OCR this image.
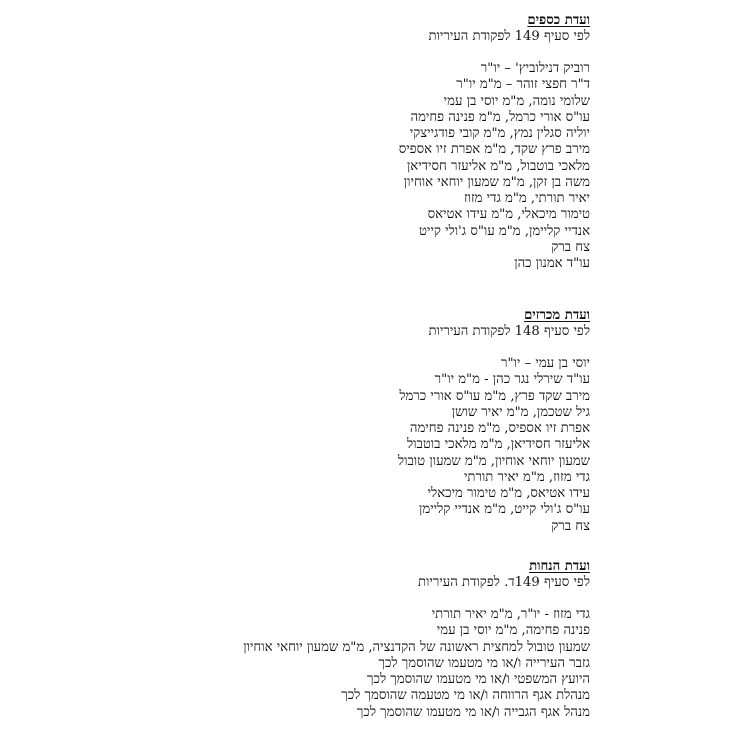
ועדת כספים

לפי סעיף 149 לפקודת העיריות

רוביק דנילוביץ' – יו"ר

ד"ר חפצי זוהר – מ"מ יו"ר

שלומי נומה, מ"מ יוסי בן עמי

עו"ס אורי כרמל, מ"מ פנינה פחימה

יוליה סגלין נמץ, מ"מ קובי פודגייצקי

מירב פרץ שקד, מ"מ אפרת זיו אספיס

מלאכי בוטבול, מ"מ אליעזר חסידיאן

משה בן זקן, מ"מ שמעון יוחאי אוחיון

יאיר תורתי, מ"מ גדי מזוז

טימור מיכאלי, מ"מ עידו אטיאס

אנדיי קליימן, מ"מ עו"ס ג'ולי קייט

צח ברק

עו"ד אמנון כהן

ועדת מכרזים

לפי סעיף 148 לפקודת העיריות

יוסי בן עמי – יו"ר

עו"ד שירלי נגר כהן - מ"מ יו"ר

מירב שקד פרץ, מ"מ עו"ס אורי כרמל

גיל שטכמן, מ"מ יאיר שושן

אפרת זיו אספיס, מ"מ פנינה פחימה

אליעזר חסידיאן, מ"מ מלאכי בוטבול

שמעון יוחאי אוחיון, מ"מ שמעון טובול

גדי מזוז, מ"מ יאיר תורתי

עידו אטיאס, מ"מ טימור מיכאלי

עו"ס ג'ולי קייט, מ"מ אנדיי קליימן

צח ברק

ועדת הנחות

לפי סעיף 149ד. לפקודת העיריות

גדי מזוז - יו"ר, מ"מ יאיר תורתי

פנינה פחימה, מ"מ יוסי בן עמי

שמעון טובול למחצית ראשונה של הקדנציה, מ"מ שמעון יוחאי אוחיון

גזבר העירייה ו/או מי מטעמו שהוסמך לכך

היועץ המשפטי ו/או מי מטעמו שהוסמך לכך

מנהלת אגף הרווחה ו/או מי מטעמה שהוסמך לכך

מנהל אגף הגבייה ו/או מי מטעמו שהוסמך לכך
